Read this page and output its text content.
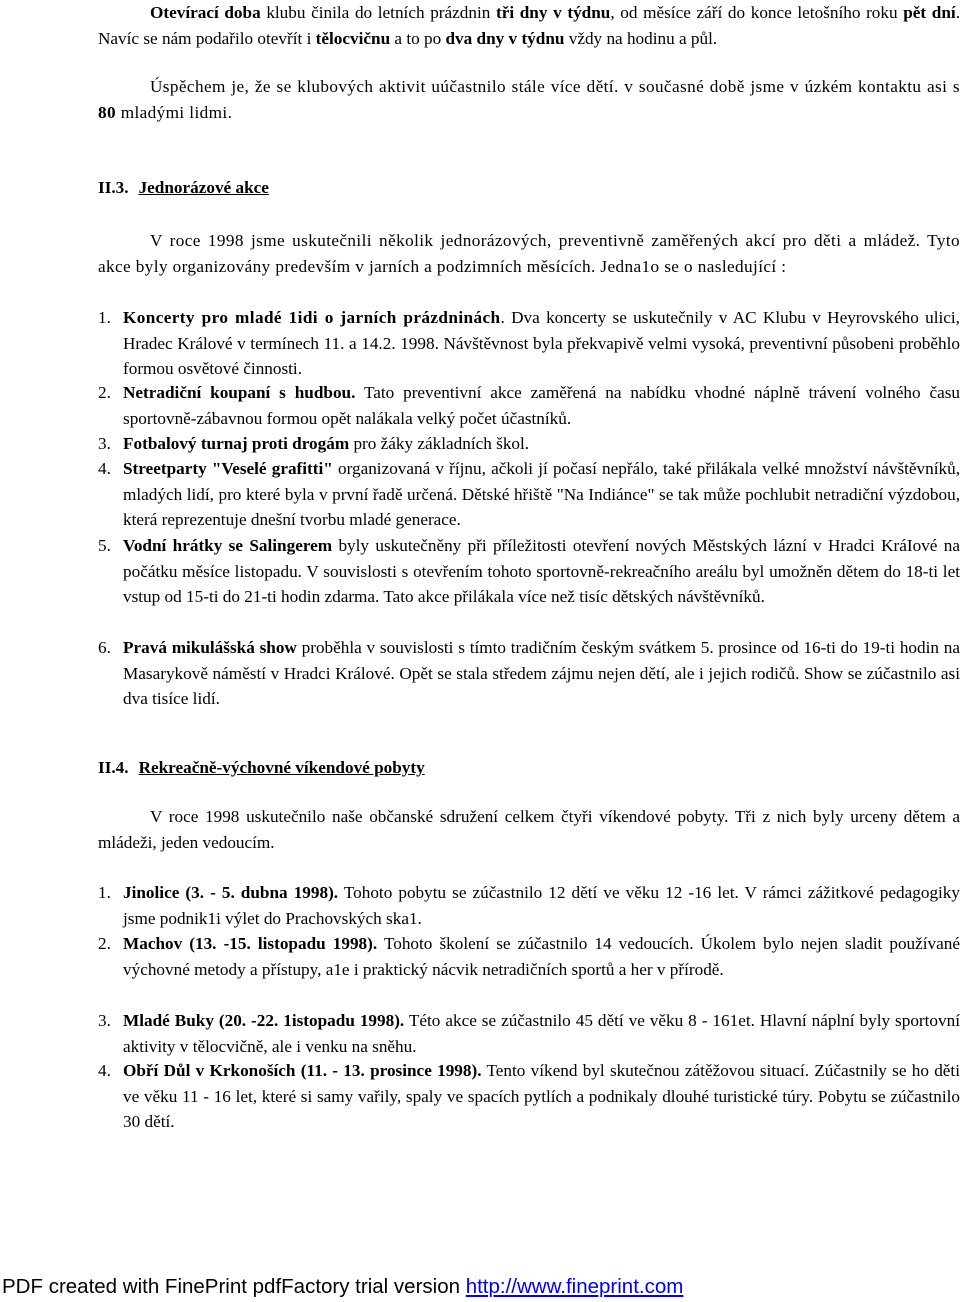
Otevírací doba klubu činila do letních prázdnin tři dny v týdnu, od měsíce září do konce letošního roku pět dní. Navíc se nám podařilo otevřít i tělocvičnu a to po dva dny v týdnu vždy na hodinu a půl.

Úspěchem je, že se klubových aktivit uúčastnilo stále více dětí. v současné době jsme v úzkém kontaktu asi s 80 mladými lidmi.

II.3. Jednorázové akce

V roce 1998 jsme uskutečnili několik jednorázových, preventivně zaměřených akcí pro děti a mládež. Tyto akce byly organizovány predevším v jarních a podzimních měsících. Jedna1o se o nasledující :

1. Koncerty pro mladé 1idi o jarních prázdninách. Dva koncerty se uskutečnily v AC Klubu v Heyrovského ulici, Hradec Králové v termínech 11. a 14.2. 1998. Návštěvnost byla překvapivě velmi vysoká, preventivní působeni proběhlo formou osvětové činnosti.

2. Netradiční koupaní s hudbou. Tato preventivní akce zaměřená na nabídku vhodné náplně trávení volného času sportovně-zábavnou formou opět nalákala velký počet účastníků.

3. Fotbalový turnaj proti drogám pro žáky základních škol.

4. Streetparty "Veselé grafitti" organizovaná v říjnu, ačkoli jí počasí nepřálo, také přilákala velké množství návštěvníků, mladých lidí, pro které byla v první řadě určená. Dětské hřiště "Na Indiánce" se tak může pochlubit netradiční výzdobou, která reprezentuje dnešní tvorbu mladé generace.

5. Vodní hrátky se Salingerem byly uskutečněny při příležitosti otevření nových Městských lázní v Hradci KráIové na počátku měsíce listopadu. V souvislosti s otevřením tohoto sportovně-rekreačního areálu byl umožněn dětem do 18-ti let vstup od 15-ti do 21-ti hodin zdarma. Tato akce přilákala více než tisíc dětských návštěvníků.

6. Pravá mikulášská show proběhla v souvislosti s tímto tradičním českým svátkem 5. prosince od 16-ti do 19-ti hodin na Masarykově náměstí v Hradci Králové. Opět se stala středem zájmu nejen dětí, ale i jejich rodičů. Show se zúčastnilo asi dva tisíce lidí.

II.4. Rekreačně-výchovné víkendové pobyty

V roce 1998 uskutečnilo naše občanské sdružení celkem čtyři víkendové pobyty. Tři z nich byly urceny dětem a mládeži, jeden vedoucím.

1. Jinolice (3. - 5. dubna 1998). Tohoto pobytu se zúčastnilo 12 dětí ve věku 12 -16 let. V rámci zážitkové pedagogiky jsme podnik1i výlet do Prachovských ska1.

2. Machov (13. -15. listopadu 1998). Tohoto školení se zúčastnilo 14 vedoucích. Úkolem bylo nejen sladit používané výchovné metody a přístupy, a1e i praktický nácvik netradičních sportů a her v přírodě.

3. Mladé Buky (20. -22. 1istopadu 1998). Této akce se zúčastnilo 45 dětí ve věku 8 - 161et. Hlavní náplní byly sportovní aktivity v tělocvičně, ale i venku na sněhu.

4. Obří Důl v Krkonoších (11. - 13. prosince 1998). Tento víkend byl skutečnou zátěžovou situací. Zúčastnily se ho děti ve věku 11 - 16 let, které si samy vařily, spaly ve spacích pytlích a podnikaly dlouhé turistické túry. Pobytu se zúčastnilo 30 dětí.

PDF created with FinePrint pdfFactory trial version http://www.fineprint.com
